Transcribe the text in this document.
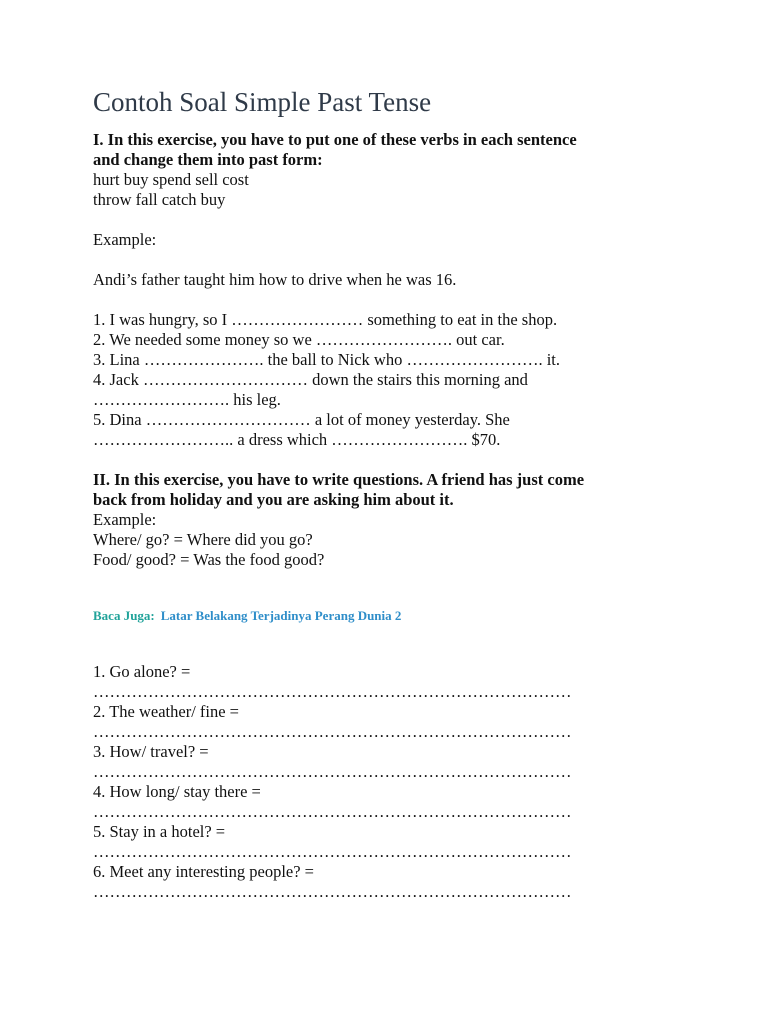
Contoh Soal Simple Past Tense
I. In this exercise, you have to put one of these verbs in each sentence
and change them into past form:
hurt buy spend sell cost
throw fall catch buy
Example:
Andi’s father taught him how to drive when he was 16.
1. I was hungry, so I …………………… something to eat in the shop.
2. We needed some money so we ……………………. out car.
3. Lina …………………. the ball to Nick who ……………………. it.
4. Jack ………………………… down the stairs this morning and
……………………. his leg.
5. Dina ………………………… a lot of money yesterday. She
…………………….. a dress which ……………………. $70.
II. In this exercise, you have to write questions. A friend has just come
back from holiday and you are asking him about it.
Example:
Where/ go? = Where did you go?
Food/ good? = Was the food good?
Baca Juga: Latar Belakang Terjadinya Perang Dunia 2
1. Go alone? =
……………………………………………………………………………
2. The weather/ fine =
……………………………………………………………………………
3. How/ travel? =
……………………………………………………………………………
4. How long/ stay there =
……………………………………………………………………………
5. Stay in a hotel? =
……………………………………………………………………………
6. Meet any interesting people? =
……………………………………………………………………………
